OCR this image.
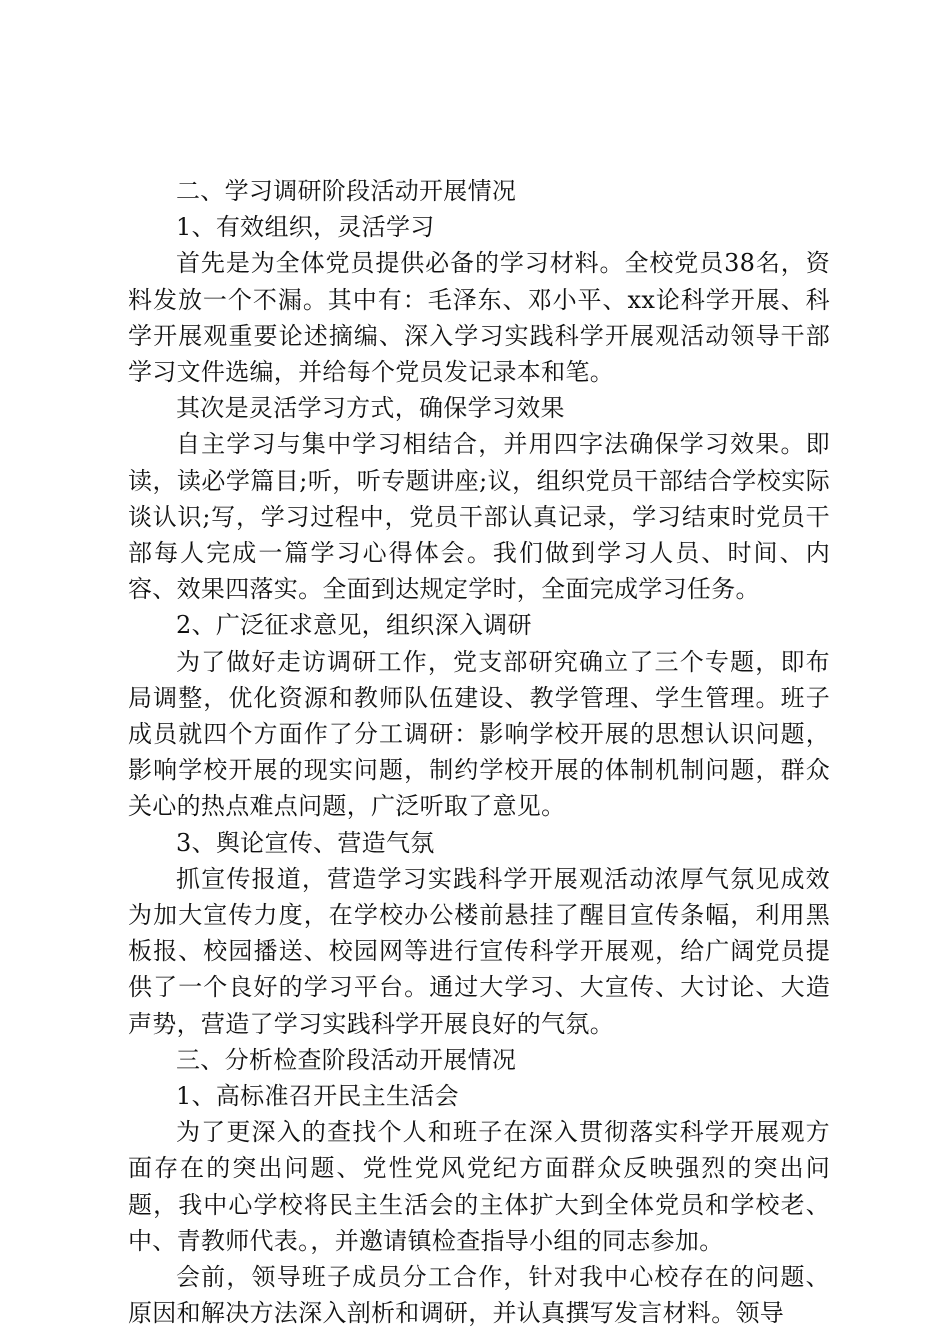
二、学习调研阶段活动开展情况

1、有效组织，灵活学习

首先是为全体党员提供必备的学习材料。全校党员38名，资料发放一个不漏。其中有：毛泽东、邓小平、xx论科学开展、科学开展观重要论述摘编、深入学习实践科学开展观活动领导干部学习文件选编，并给每个党员发记录本和笔。

其次是灵活学习方式，确保学习效果

自主学习与集中学习相结合，并用四字法确保学习效果。即读，读必学篇目;听，听专题讲座;议，组织党员干部结合学校实际谈认识;写，学习过程中，党员干部认真记录，学习结束时党员干部每人完成一篇学习心得体会。我们做到学习人员、时间、内容、效果四落实。全面到达规定学时，全面完成学习任务。

2、广泛征求意见，组织深入调研

为了做好走访调研工作，党支部研究确立了三个专题，即布局调整，优化资源和教师队伍建设、教学管理、学生管理。班子成员就四个方面作了分工调研：影响学校开展的思想认识问题，影响学校开展的现实问题，制约学校开展的体制机制问题，群众关心的热点难点问题，广泛听取了意见。

3、舆论宣传、营造气氛

抓宣传报道，营造学习实践科学开展观活动浓厚气氛见成效为加大宣传力度，在学校办公楼前悬挂了醒目宣传条幅，利用黑板报、校园播送、校园网等进行宣传科学开展观，给广阔党员提供了一个良好的学习平台。通过大学习、大宣传、大讨论、大造声势，营造了学习实践科学开展良好的气氛。

三、分析检查阶段活动开展情况

1、高标准召开民主生活会

为了更深入的查找个人和班子在深入贯彻落实科学开展观方面存在的突出问题、党性党风党纪方面群众反映强烈的突出问题，我中心学校将民主生活会的主体扩大到全体党员和学校老、中、青教师代表。，并邀请镇检查指导小组的同志参加。

会前，领导班子成员分工合作，针对我中心校存在的问题、原因和解决方法深入剖析和调研，并认真撰写发言材料。领导
